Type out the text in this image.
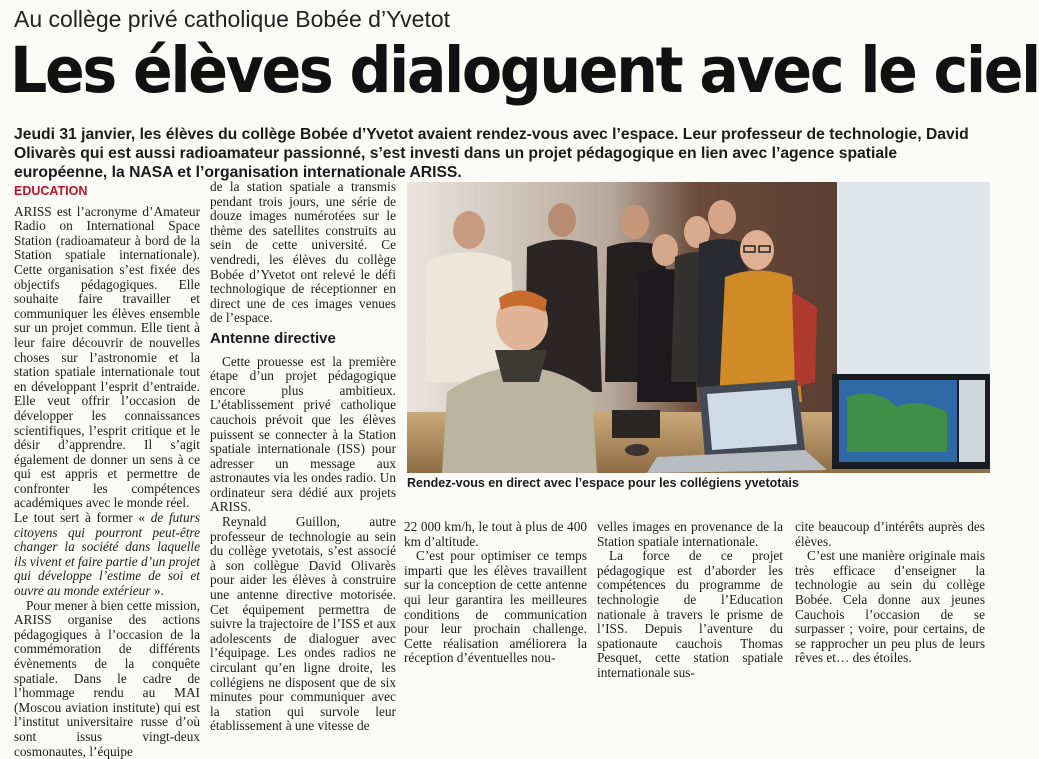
Au collège privé catholique Bobée d’Yvetot
Les élèves dialoguent avec le ciel
Jeudi 31 janvier, les élèves du collège Bobée d’Yvetot avaient rendez-vous avec l’espace. Leur professeur de technologie, David Olivarès qui est aussi radioamateur passionné, s’est investi dans un projet pédagogique en lien avec l’agence spatiale européenne, la NASA et l’organisation internationale ARISS.
EDUCATION

ARISS est l’acronyme d’Amateur Radio on International Space Station (radioamateur à bord de la Station spatiale internationale). Cette organisation s’est fixée des objectifs pédagogiques. Elle souhaite faire travailler et communiquer les élèves ensemble sur un projet commun. Elle tient à leur faire découvrir de nouvelles choses sur l’astronomie et la station spatiale internationale tout en développant l’esprit d’entraide. Elle veut offrir l’occasion de développer les connaissances scientifiques, l’esprit critique et le désir d’apprendre. Il s’agit également de donner un sens à ce qui est appris et permettre de confronter les compétences académiques avec le monde réel.

Le tout sert à former « de futurs citoyens qui pourront peut-être changer la société dans laquelle ils vivent et faire partie d’un projet qui développe l’estime de soi et ouvre au monde extérieur ».

Pour mener à bien cette mission, ARISS organise des actions pédagogiques à l’occasion de la commémoration de différents évènements de la conquête spatiale. Dans le cadre de l’hommage rendu au MAI (Moscou aviation institute) qui est l’institut universitaire russe d’où sont issus vingt-deux cosmonautes, l’équipe

de la station spatiale a transmis pendant trois jours, une série de douze images numérotées sur le thème des satellites construits au sein de cette université. Ce vendredi, les élèves du collège Bobée d’Yvetot ont relevé le défi technologique de réceptionner en direct une de ces images venues de l’espace.

Antenne directive

Cette prouesse est la première étape d’un projet pédagogique encore plus ambitieux. L’établissement privé catholique cauchois prévoit que les élèves puissent se connecter à la Station spatiale internationale (ISS) pour adresser un message aux astronautes via les ondes radio. Un ordinateur sera dédié aux projets ARISS.

Reynald Guillon, autre professeur de technologie au sein du collège yvetotais, s’est associé à son collègue David Olivarès pour aider les élèves à construire une antenne directive motorisée. Cet équipement permettra de suivre la trajectoire de l’ISS et aux adolescents de dialoguer avec l’équipage. Les ondes radios ne circulant qu’en ligne droite, les collégiens ne disposent que de six minutes pour communiquer avec la station qui survole leur établissement à une vitesse de

Rendez-vous en direct avec l’espace pour les collégiens yvetotais

22 000 km/h, le tout à plus de 400 km d’altitude.

C’est pour optimiser ce temps imparti que les élèves travaillent sur la conception de cette antenne qui leur garantira les meilleures conditions de communication pour leur prochain challenge. Cette réalisation améliorera la réception d’éventuelles nou-

velles images en provenance de la Station spatiale internationale.

La force de ce projet pédagogique est d’aborder les compétences du programme de technologie de l’Education nationale à travers le prisme de l’ISS. Depuis l’aventure du spationaute cauchois Thomas Pesquet, cette station spatiale internationale sus-

cite beaucoup d’intérêts auprès des élèves.

C’est une manière originale mais très efficace d’enseigner la technologie au sein du collège Bobée. Cela donne aux jeunes Cauchois l’occasion de se surpasser ; voire, pour certains, de se rapprocher un peu plus de leurs rêves et… des étoiles.
